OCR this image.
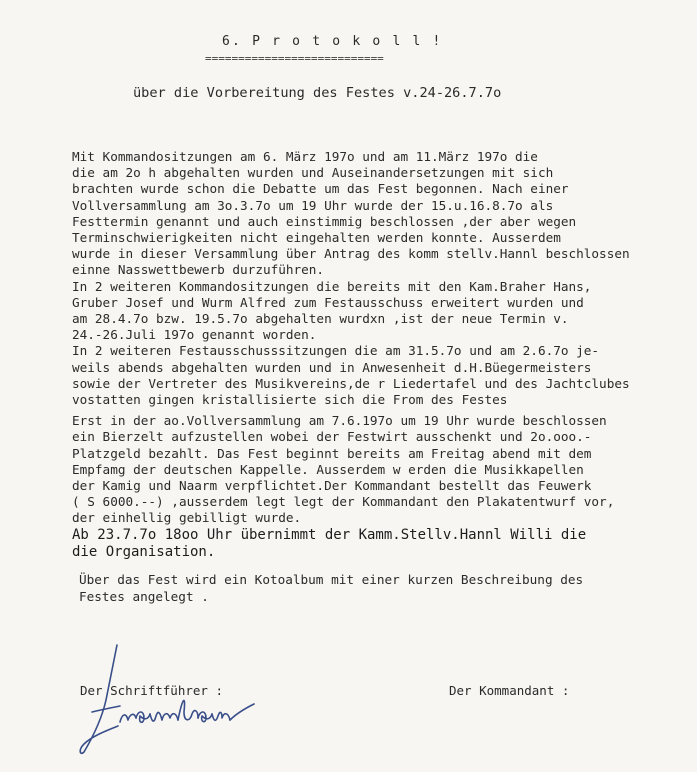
6. P r o t o k o l l !
===========================
über die Vorbereitung des Festes v.24-26.7.7o
Mit Kommandositzungen am 6. März 197o und am 11.März 197o die
die am 2o h abgehalten wurden und Auseinandersetzungen mit sich
brachten wurde schon die Debatte um das Fest begonnen. Nach einer
Vollversammlung am 3o.3.7o um 19 Uhr wurde der 15.u.16.8.7o als
Festtermin genannt und auch einstimmig beschlossen ,der aber wegen
Terminschwierigkeiten nicht eingehalten werden konnte. Ausserdem
wurde in dieser Versammlung über Antrag des komm stellv.Hannl beschlossen
einne Nasswettbewerb durzuführen.
In 2 weiteren Kommandositzungen die bereits mit den Kam.Braher Hans,
Gruber Josef und Wurm Alfred zum Festausschuss erweitert wurden und
am 28.4.7o bzw. 19.5.7o abgehalten wurdxn ,ist der neue Termin v.
24.-26.Juli 197o genannt worden.
In 2 weiteren Festausschusssitzungen die am 31.5.7o und am 2.6.7o je-
weils abends abgehalten wurden und in Anwesenheit d.H.Büegermeisters
sowie der Vertreter des Musikvereins,de r Liedertafel und des Jachtclubes
vostatten gingen kristallisierte sich die From des Festes
Erst in der ao.Vollversammlung am 7.6.197o um 19 Uhr wurde beschlossen
ein Bierzelt aufzustellen wobei der Festwirt ausschenkt und 2o.ooo.-
Platzgeld bezahlt. Das Fest beginnt bereits am Freitag abend mit dem
Empfamg der deutschen Kappelle. Ausserdem w erden die Musikkapellen
der Kamig und Naarm verpflichtet.Der Kommandant bestellt das Feuwerk
( S 6000.--) ,ausserdem legt legt der Kommandant den Plakatentwurf vor,
der einhellig gebilligt wurde.
Ab 23.7.7o 18oo Uhr übernimmt der Kamm.Stellv.Hannl Willi die
die Organisation.
Über das Fest wird ein Kotoalbum mit einer kurzen Beschreibung des
Festes angelegt .
Der Schriftführer :	Der Kommandant :
